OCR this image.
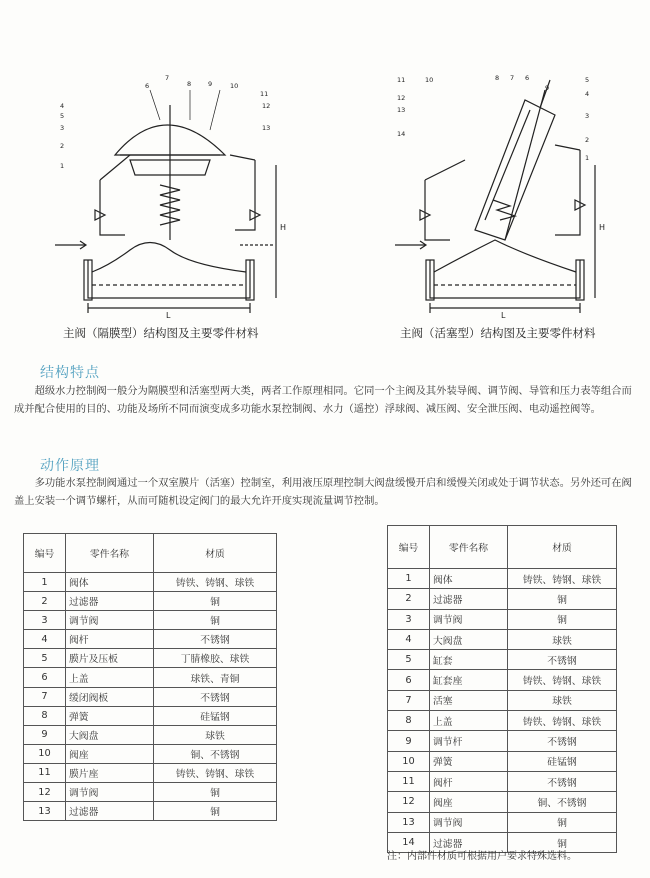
H
L
6
7
8	9	10
11
12
13
4
5
3
2
1
H
L
11	10	8 7 6
9
5
4
3
12
2
13
14
1
主阀（隔膜型）结构图及主要零件材料	主阀（活塞型）结构图及主要零件材料
结构特点
超级水力控制阀一般分为隔膜型和活塞型两大类，两者工作原理相同。它同一个主阀及其外装导阀、调节阀、导管和压力表等组合而成并配合使用的目的、功能及场所不同而演变成多功能水泵控制阀、水力（遥控）浮球阀、减压阀、安全泄压阀、电动遥控阀等。
动作原理
多功能水泵控制阀通过一个双室膜片（活塞）控制室，利用液压原理控制大阀盘缓慢开启和缓慢关闭或处于调节状态。另外还可在阀盖上安装一个调节螺杆，从而可随机设定阀门的最大允许开度实现流量调节控制。
编号	零件名称	材质
1	阀体	铸铁、铸钢、球铁
2	过滤器	铜
3	调节阀	铜
4	阀杆	不锈钢
5	膜片及压板	丁腈橡胶、球铁
6	上盖	球铁、青铜
7	缓闭阀板	不锈钢
8	弹簧	硅锰钢
9	大阀盘	球铁
10	阀座	铜、不锈钢
11	膜片座	铸铁、铸钢、球铁
12	调节阀	铜
13	过滤器	铜
编号	零件名称	材质
1	阀体	铸铁、铸钢、球铁
2	过滤器	铜
3	调节阀	铜
4	大阀盘	球铁
5	缸套	不锈钢
6	缸套座	铸铁、铸钢、球铁
7	活塞	球铁
8	上盖	铸铁、铸钢、球铁
9	调节杆	不锈钢
10	弹簧	硅锰钢
11	阀杆	不锈钢
12	阀座	铜、不锈钢
13	调节阀	铜
14	过滤器	铜
注：内部件材质可根据用户要求特殊选料。
